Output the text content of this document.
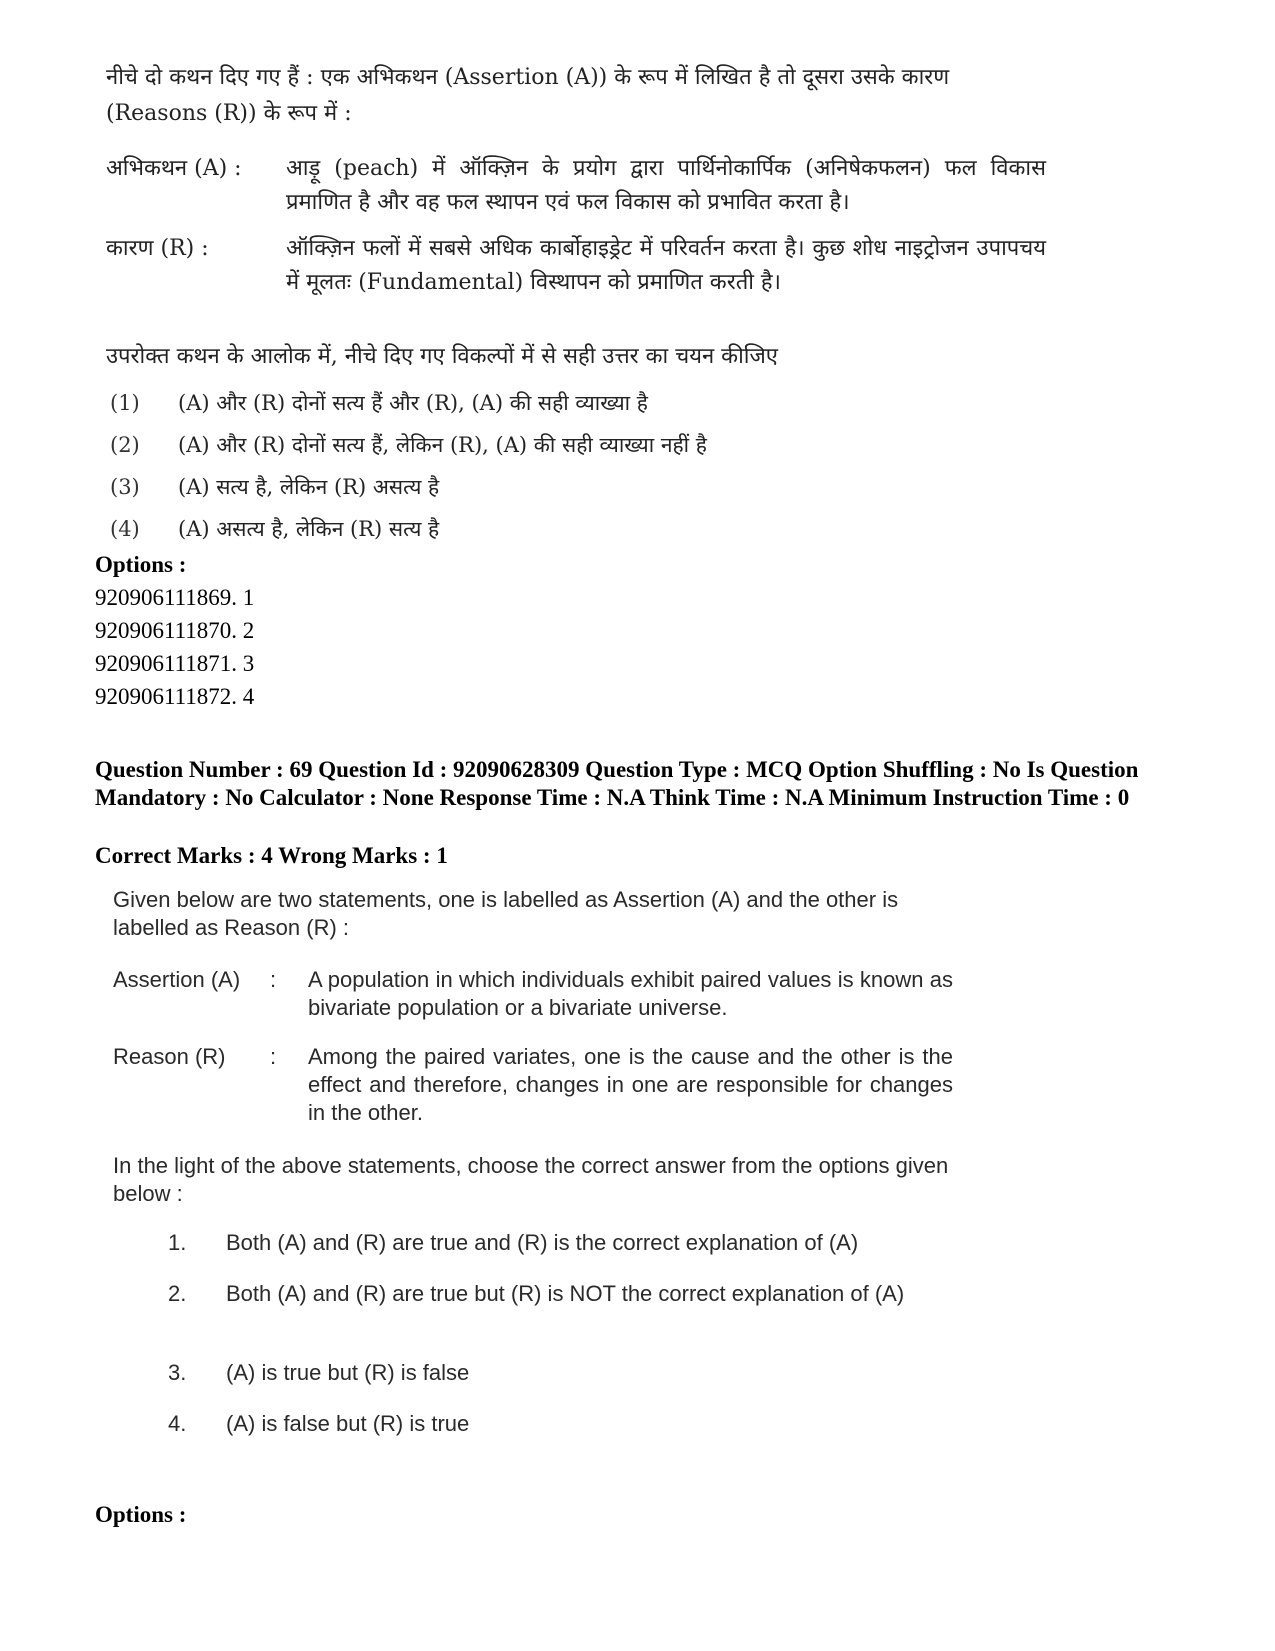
नीचे दो कथन दिए गए हैं : एक अभिकथन (Assertion (A)) के रूप में लिखित है तो दूसरा उसके कारण (Reasons (R)) के रूप में :
अभिकथन (A) :	आड़ू (peach) में ऑक्ज़िन के प्रयोग द्वारा पार्थिनोकार्पिक (अनिषेकफलन) फल विकास प्रमाणित है और वह फल स्थापन एवं फल विकास को प्रभावित करता है।
कारण (R) :	ऑक्ज़िन फलों में सबसे अधिक कार्बोहाइड्रेट में परिवर्तन करता है। कुछ शोध नाइट्रोजन उपापचय में मूलतः (Fundamental) विस्थापन को प्रमाणित करती है।
उपरोक्त कथन के आलोक में, नीचे दिए गए विकल्पों में से सही उत्तर का चयन कीजिए
(1)	(A) और (R) दोनों सत्य हैं और (R), (A) की सही व्याख्या है
(2)	(A) और (R) दोनों सत्य हैं, लेकिन (R), (A) की सही व्याख्या नहीं है
(3)	(A) सत्य है, लेकिन (R) असत्य है
(4)	(A) असत्य है, लेकिन (R) सत्य है
Options :
920906111869. 1
920906111870. 2
920906111871. 3
920906111872. 4
Question Number : 69 Question Id : 92090628309 Question Type : MCQ Option Shuffling : No Is Question Mandatory : No Calculator : None Response Time : N.A Think Time : N.A Minimum Instruction Time : 0
Correct Marks : 4 Wrong Marks : 1
Given below are two statements, one is labelled as Assertion (A) and the other is labelled as Reason (R) :
Assertion (A)	:	A population in which individuals exhibit paired values is known as bivariate population or a bivariate universe.
Reason (R)	:	Among the paired variates, one is the cause and the other is the effect and therefore, changes in one are responsible for changes in the other.
In the light of the above statements, choose the correct answer from the options given below :
1.	Both (A) and (R) are true and (R) is the correct explanation of (A)
2.	Both (A) and (R) are true but (R) is NOT the correct explanation of (A)
3.	(A) is true but (R) is false
4.	(A) is false but (R) is true
Options :
